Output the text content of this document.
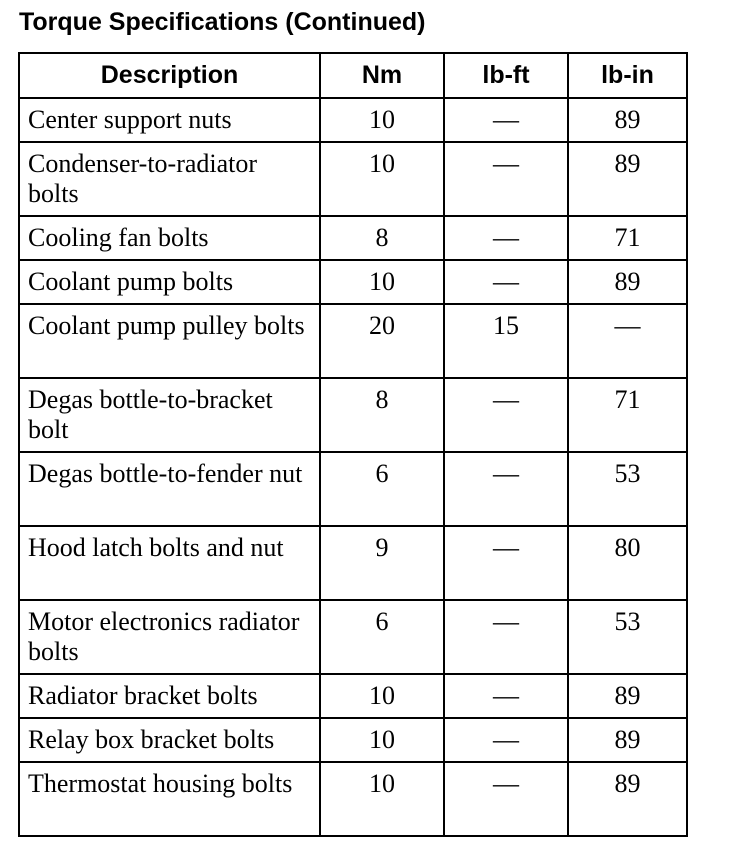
Torque Specifications (Continued)
Description	Nm	lb-ft	lb-in
Center support nuts	10	—	89
Condenser-to-radiator bolts	10	—	89
Cooling fan bolts	8	—	71
Coolant pump bolts	10	—	89
Coolant pump pulley bolts	20	15	—
Degas bottle-to-bracket bolt	8	—	71
Degas bottle-to-fender nut	6	—	53
Hood latch bolts and nut	9	—	80
Motor electronics radiator bolts	6	—	53
Radiator bracket bolts	10	—	89
Relay box bracket bolts	10	—	89
Thermostat housing bolts	10	—	89
